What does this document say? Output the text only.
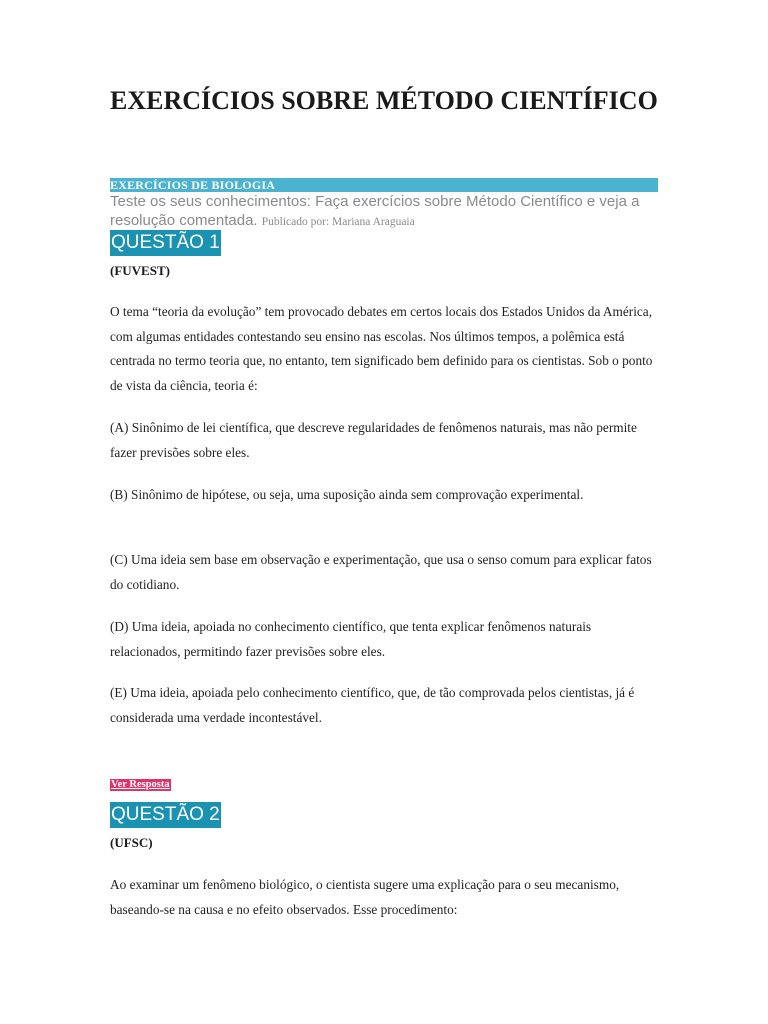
EXERCÍCIOS SOBRE MÉTODO CIENTÍFICO
EXERCÍCIOS DE BIOLOGIA
Teste os seus conhecimentos: Faça exercícios sobre Método Científico e veja a resolução comentada. Publicado por: Mariana Araguaia
QUESTÃO 1
(FUVEST)

O tema “teoria da evolução” tem provocado debates em certos locais dos Estados Unidos da América, com algumas entidades contestando seu ensino nas escolas. Nos últimos tempos, a polêmica está centrada no termo teoria que, no entanto, tem significado bem definido para os cientistas. Sob o ponto de vista da ciência, teoria é:

(A) Sinônimo de lei científica, que descreve regularidades de fenômenos naturais, mas não permite fazer previsões sobre eles.

(B) Sinônimo de hipótese, ou seja, uma suposição ainda sem comprovação experimental.

(C) Uma ideia sem base em observação e experimentação, que usa o senso comum para explicar fatos do cotidiano.

(D) Uma ideia, apoiada no conhecimento científico, que tenta explicar fenômenos naturais relacionados, permitindo fazer previsões sobre eles.

(E) Uma ideia, apoiada pelo conhecimento científico, que, de tão comprovada pelos cientistas, já é considerada uma verdade incontestável.

Ver Resposta
QUESTÃO 2
(UFSC)

Ao examinar um fenômeno biológico, o cientista sugere uma explicação para o seu mecanismo, baseando-se na causa e no efeito observados. Esse procedimento:
